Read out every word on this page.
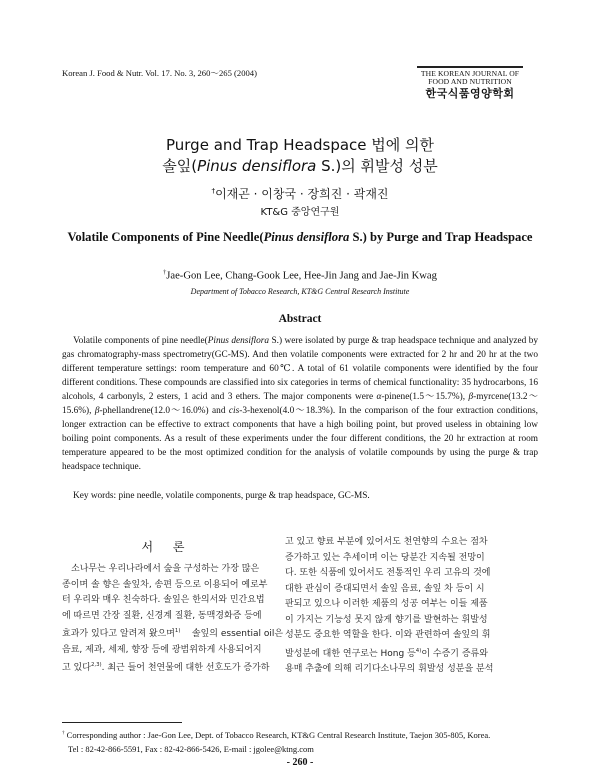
Korean J. Food & Nutr. Vol. 17. No. 3, 260～265 (2004)	THE KOREAN JOURNAL OF
FOOD AND NUTRITION
한국식품영양학회
Purge and Trap Headspace 법에 의한
솔잎(Pinus densiflora S.)의 휘발성 성분
†이재곤 · 이창국 · 장희진 · 곽재진
KT&G 중앙연구원
Volatile Components of Pine Needle(Pinus densiflora S.) by Purge and Trap Headspace
†Jae-Gon Lee, Chang-Gook Lee, Hee-Jin Jang and Jae-Jin Kwag
Department of Tobacco Research, KT&G Central Research Institute
Abstract

Volatile components of pine needle(Pinus densiflora S.) were isolated by purge & trap headspace technique and analyzed by gas chromatography-mass spectrometry(GC-MS). And then volatile components were extracted for 2 hr and 20 hr at the two different temperature settings: room temperature and 60℃. A total of 61 volatile components were identified by the four different conditions. These compounds are classified into six categories in terms of chemical functionality: 35 hydrocarbons, 16 alcohols, 4 carbonyls, 2 esters, 1 acid and 3 ethers. The major components were α-pinene(1.5～15.7%), β-myrcene(13.2～15.6%), β-phellandrene(12.0～16.0%) and cis-3-hexenol(4.0～18.3%). In the comparison of the four extraction conditions, longer extraction can be effective to extract components that have a high boiling point, but proved useless in obtaining low boiling point components. As a result of these experiments under the four different conditions, the 20 hr extraction at room temperature appeared to be the most optimized condition for the analysis of volatile compounds by using the purge & trap headspace technique.

Key words: pine needle, volatile components, purge & trap headspace, GC-MS.
서 론
소나무는 우리나라에서 숲을 구성하는 가장 많은
종이며 솔 향은 솔잎차, 송편 등으로 이용되어 예로부
터 우리와 매우 친숙하다. 솔잎은 한의서와 민간요법
에 따르면 간장 질환, 신경계 질환, 동맥경화증 등에
효과가 있다고 알려져 왔으며$^{1)}$    솔잎의 essential oil은
음료, 제과, 세제, 향장 등에 광범위하게 사용되어지
고 있다$^{2,3)}$. 최근 들어 천연물에 대한 선호도가 증가하
고 있고 향료 부분에 있어서도 천연향의 수요는 점차
증가하고 있는 추세이며 이는 당분간 지속될 전망이
다. 또한 식품에 있어서도 전통적인 우리 고유의 것에
대한 관심이 증대되면서 솔잎 음료, 솔잎 차 등이 시
판되고 있으나 이러한 제품의 성공 여부는 이들 제품
이 가지는 기능성 못지 않게 향기를 발현하는 휘발성
성분도 중요한 역할을 한다. 이와 관련하여 솔잎의 휘
발성분에 대한 연구로는 Hong 등$^{4)}$이 수증기 증류와
용매 추출에 의해 리기다소나무의 휘발성 성분을 분석
† Corresponding author : Jae-Gon Lee, Dept. of Tobacco Research, KT&G Central Research Institute, Taejon 305-805, Korea.
Tel : 82-42-866-5591, Fax : 82-42-866-5426, E-mail : jgolee@ktng.com
- 260 -
